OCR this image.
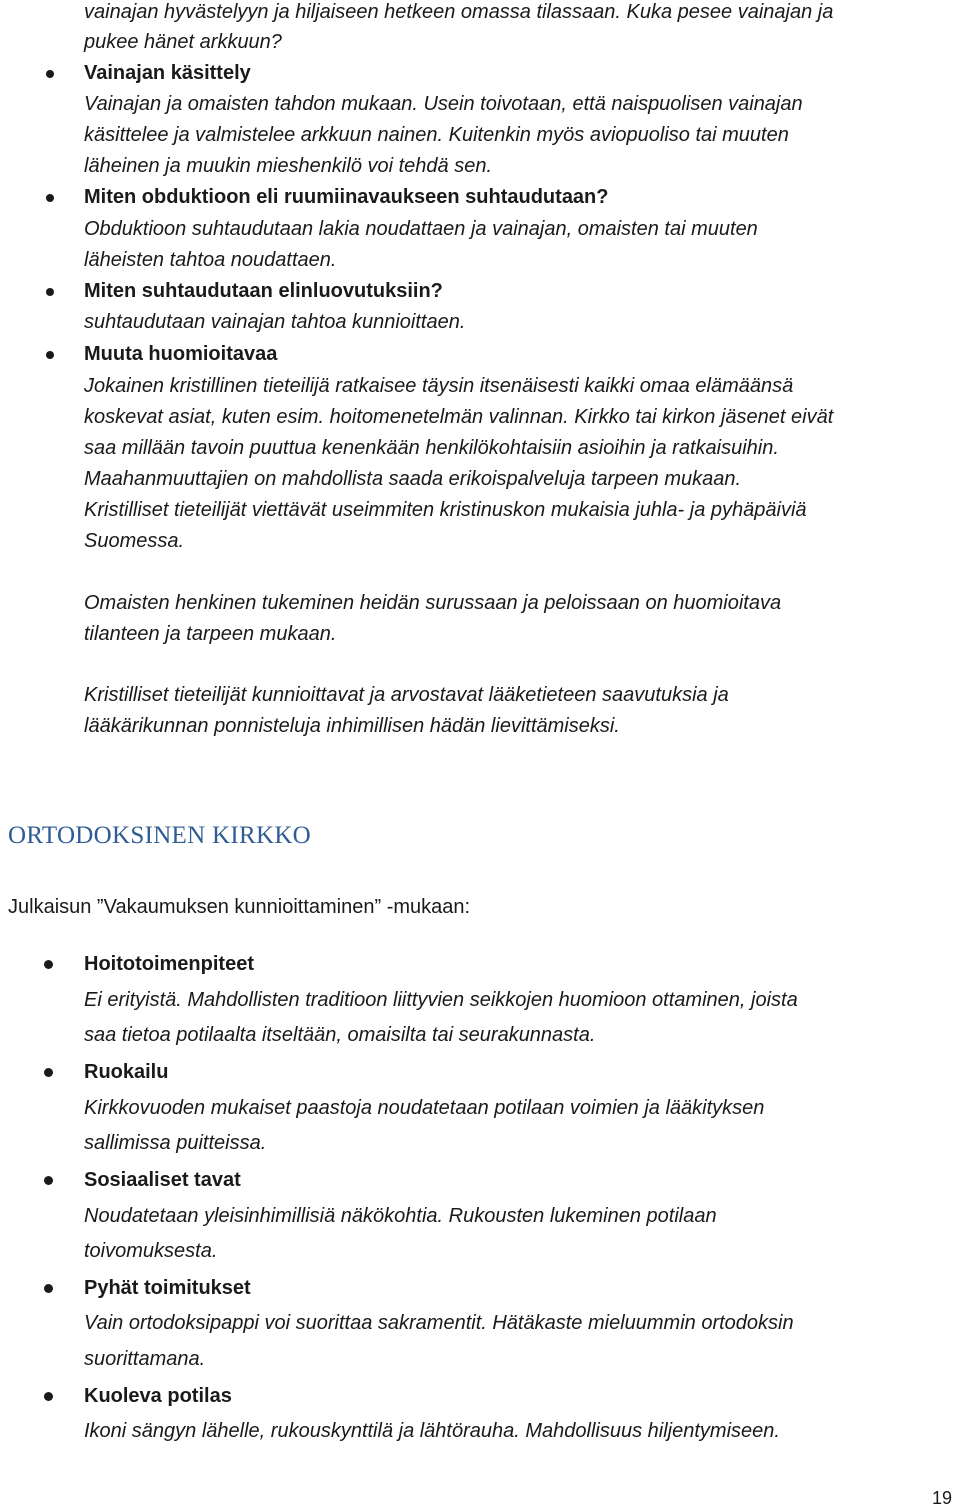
vainajan hyvästelyyn ja hiljaiseen hetkeen omassa tilassaan. Kuka pesee vainajan ja
pukee hänet arkkuun?
Vainajan käsittely
Vainajan ja omaisten tahdon mukaan. Usein toivotaan, että naispuolisen vainajan
käsittelee ja valmistelee arkkuun nainen. Kuitenkin myös aviopuoliso tai muuten
läheinen ja muukin mieshenkilö voi tehdä sen.
Miten obduktioon eli ruumiinavaukseen suhtaudutaan?
Obduktioon suhtaudutaan lakia noudattaen ja vainajan, omaisten tai muuten
läheisten tahtoa noudattaen.
Miten suhtaudutaan elinluovutuksiin?
suhtaudutaan vainajan tahtoa kunnioittaen.
Muuta huomioitavaa
Jokainen kristillinen tieteilijä ratkaisee täysin itsenäisesti kaikki omaa elämäänsä
koskevat asiat, kuten esim. hoitomenetelmän valinnan. Kirkko tai kirkon jäsenet eivät
saa millään tavoin puuttua kenenkään henkilökohtaisiin asioihin ja ratkaisuihin.
Maahanmuuttajien on mahdollista saada erikoispalveluja tarpeen mukaan.
Kristilliset tieteilijät viettävät useimmiten kristinuskon mukaisia juhla- ja pyhäpäiviä
Suomessa.
Omaisten henkinen tukeminen heidän surussaan ja peloissaan on huomioitava
tilanteen ja tarpeen mukaan.
Kristilliset tieteilijät kunnioittavat ja arvostavat lääketieteen saavutuksia ja
lääkärikunnan ponnisteluja inhimillisen hädän lievittämiseksi.
ORTODOKSINEN KIRKKO
Julkaisun ”Vakaumuksen kunnioittaminen” -mukaan:
Hoitotoimenpiteet
Ei erityistä. Mahdollisten traditioon liittyvien seikkojen huomioon ottaminen, joista
saa tietoa potilaalta itseltään, omaisilta tai seurakunnasta.
Ruokailu
Kirkkovuoden mukaiset paastoja noudatetaan potilaan voimien ja lääkityksen
sallimissa puitteissa.
Sosiaaliset tavat
Noudatetaan yleisinhimillisiä näkökohtia. Rukousten lukeminen potilaan
toivomuksesta.
Pyhät toimitukset
Vain ortodoksipappi voi suorittaa sakramentit. Hätäkaste mieluummin ortodoksin
suorittamana.
Kuoleva potilas
Ikoni sängyn lähelle, rukouskynttilä ja lähtörauha. Mahdollisuus hiljentymiseen.
19
